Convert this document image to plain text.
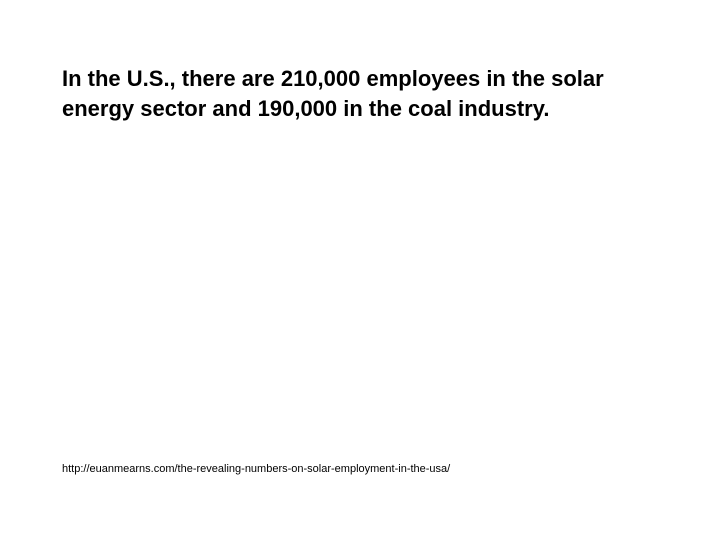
In the U.S., there are 210,000 employees in the solar
energy sector and 190,000 in the coal industry.

http://euanmearns.com/the-revealing-numbers-on-solar-employment-in-the-usa/
